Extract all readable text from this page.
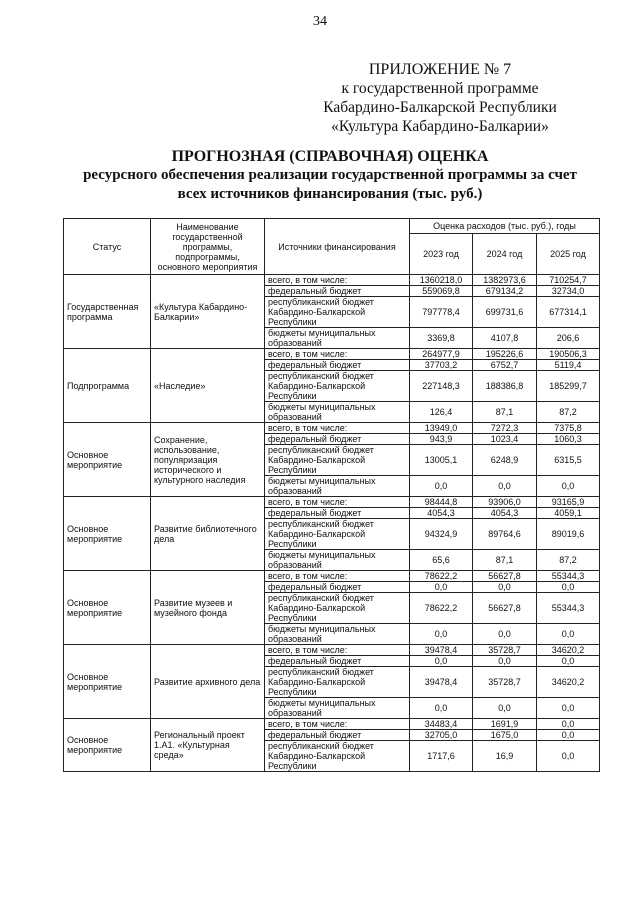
34
ПРИЛОЖЕНИЕ № 7
к государственной программе
Кабардино-Балкарской Республики
«Культура Кабардино-Балкарии»
ПРОГНОЗНАЯ (СПРАВОЧНАЯ) ОЦЕНКА
ресурсного обеспечения реализации государственной программы за счет
всех источников финансирования (тыс. руб.)
Статус	Наименование государственной программы, подпрограммы, основного мероприятия	Источники финансирования	Оценка расходов (тыс. руб.), годы		
			2023 год	2024 год	2025 год
Государственная программа	«Культура Кабардино-Балкарии»	всего, в том числе:	1360218,0	1382973,6	710254,7
		федеральный бюджет	559069,8	679134,2	32734,0
		республиканский бюджет Кабардино-Балкарской Республики	797778,4	699731,6	677314,1
		бюджеты муниципальных образований	3369,8	4107,8	206,6
Подпрограмма	«Наследие»	всего, в том числе:	264977,9	195226,6	190506,3
		федеральный бюджет	37703,2	6752,7	5119,4
		республиканский бюджет Кабардино-Балкарской Республики	227148,3	188386,8	185299,7
		бюджеты муниципальных образований	126,4	87,1	87,2
Основное мероприятие	Сохранение, использование, популяризация исторического и культурного наследия	всего, в том числе:	13949,0	7272,3	7375,8
		федеральный бюджет	943,9	1023,4	1060,3
		республиканский бюджет Кабардино-Балкарской Республики	13005,1	6248,9	6315,5
		бюджеты муниципальных образований	0,0	0,0	0,0
Основное мероприятие	Развитие библиотечного дела	всего, в том числе:	98444,8	93906,0	93165,9
		федеральный бюджет	4054,3	4054,3	4059,1
		республиканский бюджет Кабардино-Балкарской Республики	94324,9	89764,6	89019,6
		бюджеты муниципальных образований	65,6	87,1	87,2
Основное мероприятие	Развитие музеев и музейного фонда	всего, в том числе:	78622,2	56627,8	55344,3
		федеральный бюджет	0,0	0,0	0,0
		республиканский бюджет Кабардино-Балкарской Республики	78622,2	56627,8	55344,3
		бюджеты муниципальных образований	0,0	0,0	0,0
Основное мероприятие	Развитие архивного дела	всего, в том числе:	39478,4	35728,7	34620,2
		федеральный бюджет	0,0	0,0	0,0
		республиканский бюджет Кабардино-Балкарской Республики	39478,4	35728,7	34620,2
		бюджеты муниципальных образований	0,0	0,0	0,0
Основное мероприятие	Региональный проект 1.А1. «Культурная среда»	всего, в том числе:	34483,4	1691,9	0,0
		федеральный бюджет	32705,0	1675,0	0,0
		республиканский бюджет Кабардино-Балкарской Республики	1717,6	16,9	0,0
